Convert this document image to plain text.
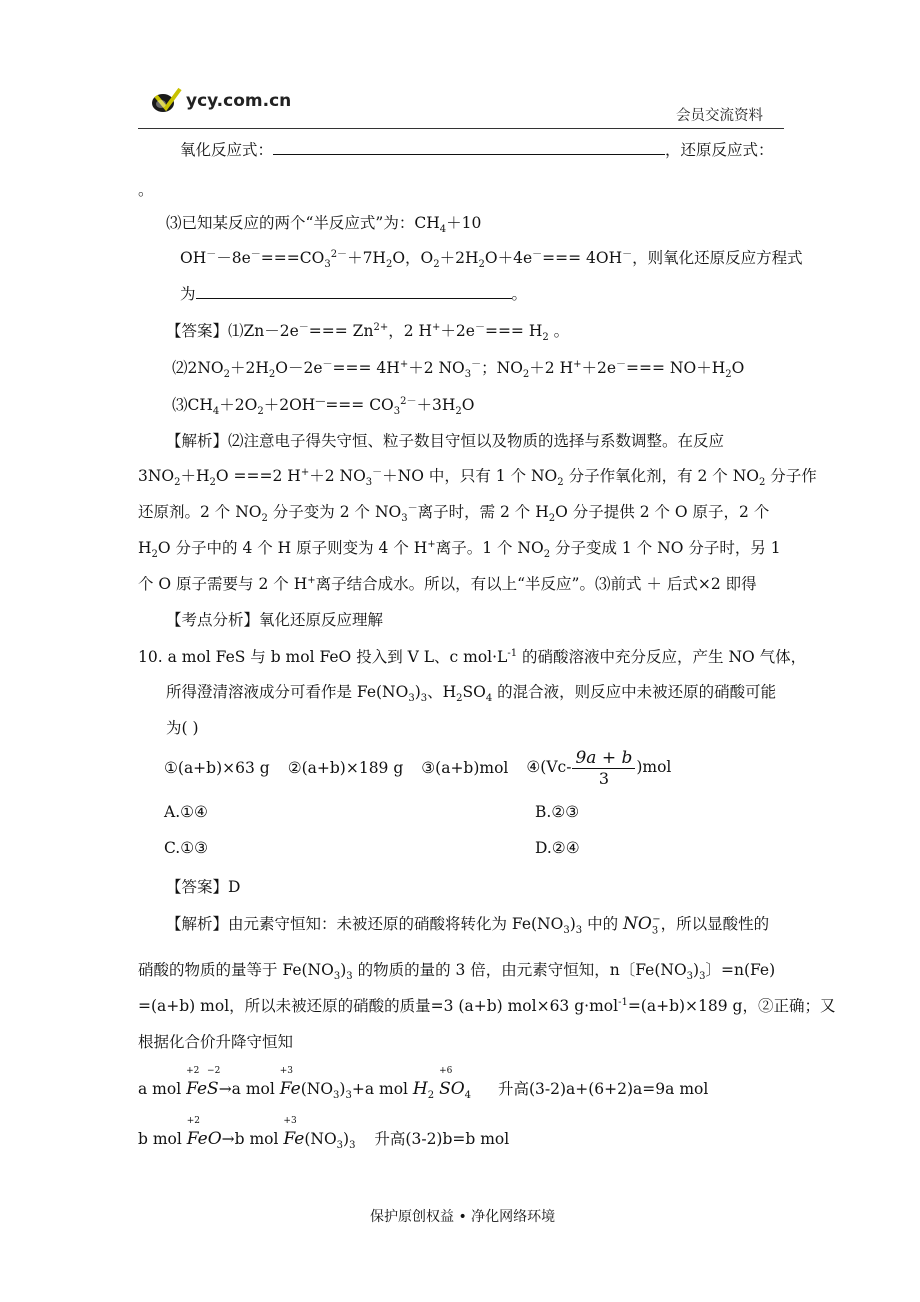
ycy.com.cn
会员交流资料
氧化反应式：	，还原反应式：
。
⑶已知某反应的两个“半反应式”为：$CH_4+10$
$OH^--8e^-===CO_3^{2-}+7H_2O$，$O_2+2H_2O+4e^-=== 4OH^-$，则氧化还原反应方程式
为	。
【答案】⑴Zn－2e－=== $Zn^{2+}$，2 $H^++2e^-=== H_2$ 。
$⑵2NO_2+2H_2O-2e^-=== 4H^++2$ $NO_3^-$；$NO_2+2$ $H^++2e^-=== NO+H_2O$
$⑶CH_4+2O_2+2OH^—=== CO_3^{2-}+3H_2O$
【解析】⑵注意电子得失守恒、粒子数目守恒以及物质的选择与系数调整。在反应
$3NO_2+H_2O ===2$ H+＋2 $NO_3^-+NO$ 中，只有 1 个 $NO_2$ 分子作氧化剂，有 2 个 $NO_2$ 分子作
还原剂。2 个 $NO_2$ 分子变为 2 个 $NO_3^-$离子时，需 2 个 $H_2O$ 分子提供 2 个 O 原子，2 个
$H_2O$ 分子中的 4 个 H 原子则变为 4 个 H+离子。1 个 $NO_2$ 分子变成 1 个 NO 分子时，另 1
个 O 原子需要与 2 个 H+离子结合成水。所以，有以上“半反应”。⑶前式 ＋ 后式×2 即得
【考点分析】氧化还原反应理解
10. a mol FeS 与 b mol FeO 投入到 V L、c $mol\cdot L^{-1}$ 的硝酸溶液中充分反应，产生 NO 气体，
所得澄清溶液成分可看作是 $Fe(NO_3)_3$、$H_2SO_4$ 的混合液，则反应中未被还原的硝酸可能
为( )
①(a+b)×63 g ②(a+b)×189 g ③(a+b)mol ④(Vc- $\frac{9a + b}{3} )mol$
A.①④	B.②③
C.①③	D.②④
【答案】D
【解析】由元素守恒知：未被还原的硝酸将转化为 $Fe(NO_3)_3$ 中的 $NO_3^-$，所以显酸性的
硝酸的物质的量等于 $Fe(NO_3)_3$ 的物质的量的 3 倍，由元素守恒知，n〔$Fe(NO_3)_3$〕=n(Fe)
=(a+b) mol，所以未被还原的硝酸的质量=3 (a+b) mol×63 g·mol$^{-1}$=(a+b)×189 g，②正确；又
根据化合价升降守恒知
a mol
+2
Fe
−2
S→a mol
+3
$Fe(NO_3)_3+a$ mol $H_2$
+6
$SO_4$ 升高(3-2)a+(6+2)a=9a mol
b mol
+2
FeO→b mol
+3
$Fe(NO_3)_3$ 升高(3-2)b=b mol
保护原创权益 • 净化网络环境
